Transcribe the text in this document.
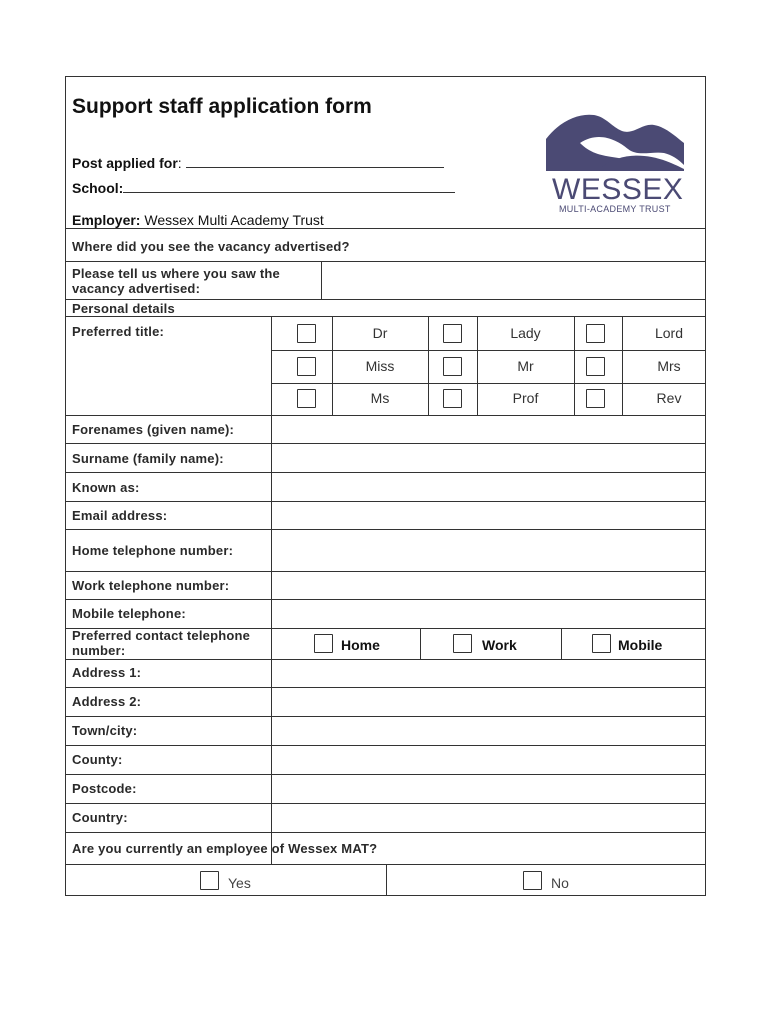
Support staff application form
Post applied for:
School:
Employer: Wessex Multi Academy Trust
WESSEX
MULTI-ACADEMY TRUST
Where did you see the vacancy advertised?
Please tell us where you saw the
vacancy advertised:
Personal details
Preferred title:	Dr	Lady	Lord
Miss	Mr	Mrs
Ms	Prof	Rev
Forenames (given name):
Surname (family name):
Known as:
Email address:
Home telephone number:
Work telephone number:
Mobile telephone:
Preferred contact telephone
number:	Home	Work	Mobile
Address 1:
Address 2:
Town/city:
County:
Postcode:
Country:
Are you currently an employee of Wessex MAT?
Yes	No
